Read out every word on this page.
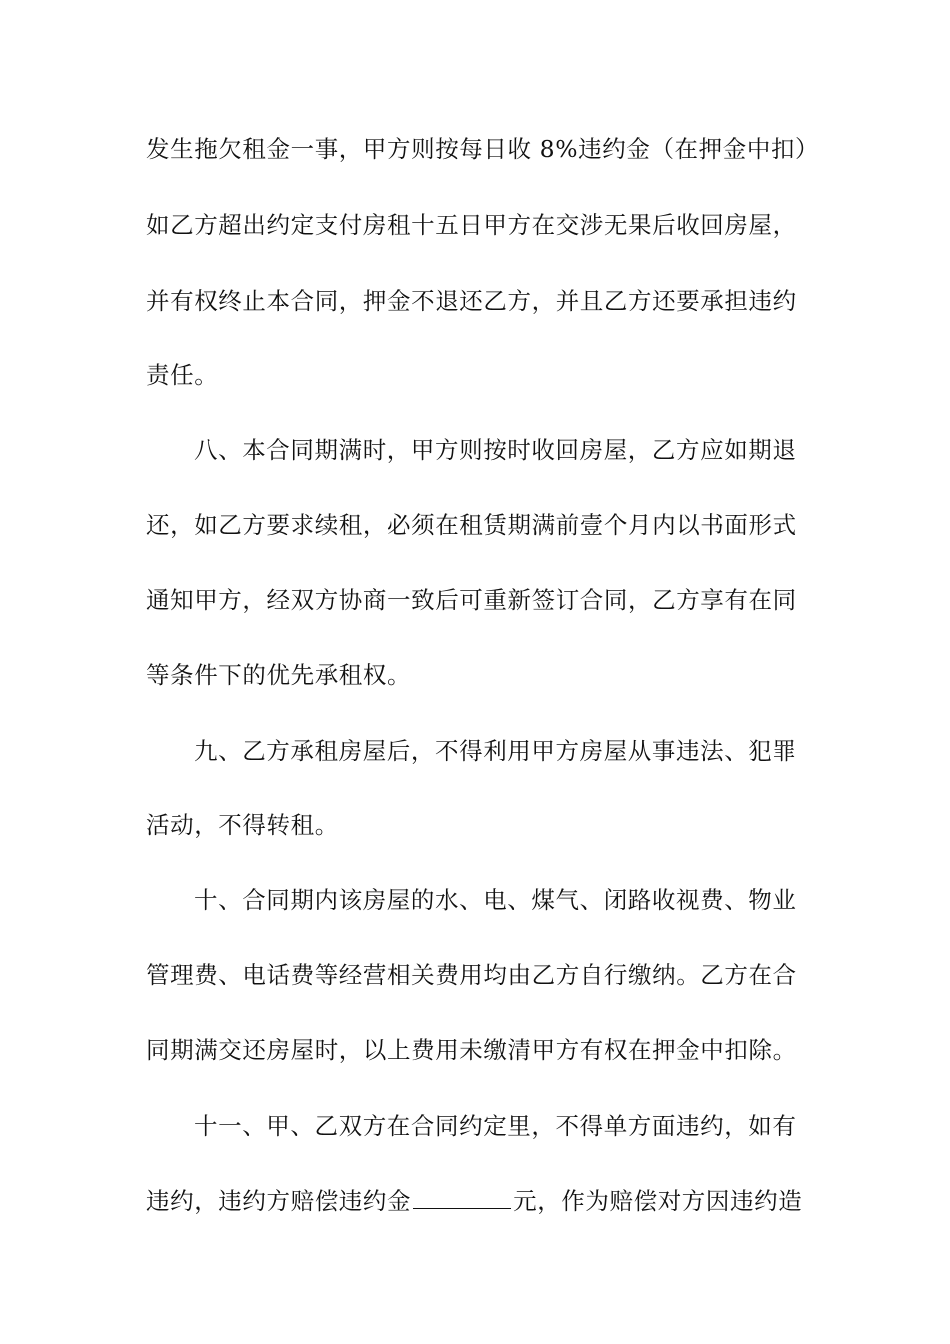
发生拖欠租金一事，甲方则按每日收 8%违约金（在押金中扣）
如乙方超出约定支付房租十五日甲方在交涉无果后收回房屋，
并有权终止本合同，押金不退还乙方，并且乙方还要承担违约
责任。
八、本合同期满时，甲方则按时收回房屋，乙方应如期退
还，如乙方要求续租，必须在租赁期满前壹个月内以书面形式
通知甲方，经双方协商一致后可重新签订合同，乙方享有在同
等条件下的优先承租权。
九、乙方承租房屋后，不得利用甲方房屋从事违法、犯罪
活动，不得转租。
十、合同期内该房屋的水、电、煤气、闭路收视费、物业
管理费、电话费等经营相关费用均由乙方自行缴纳。乙方在合
同期满交还房屋时，以上费用未缴清甲方有权在押金中扣除。
十一、甲、乙双方在合同约定里，不得单方面违约，如有
违约，违约方赔偿违约金	元，作为赔偿对方因违约造
